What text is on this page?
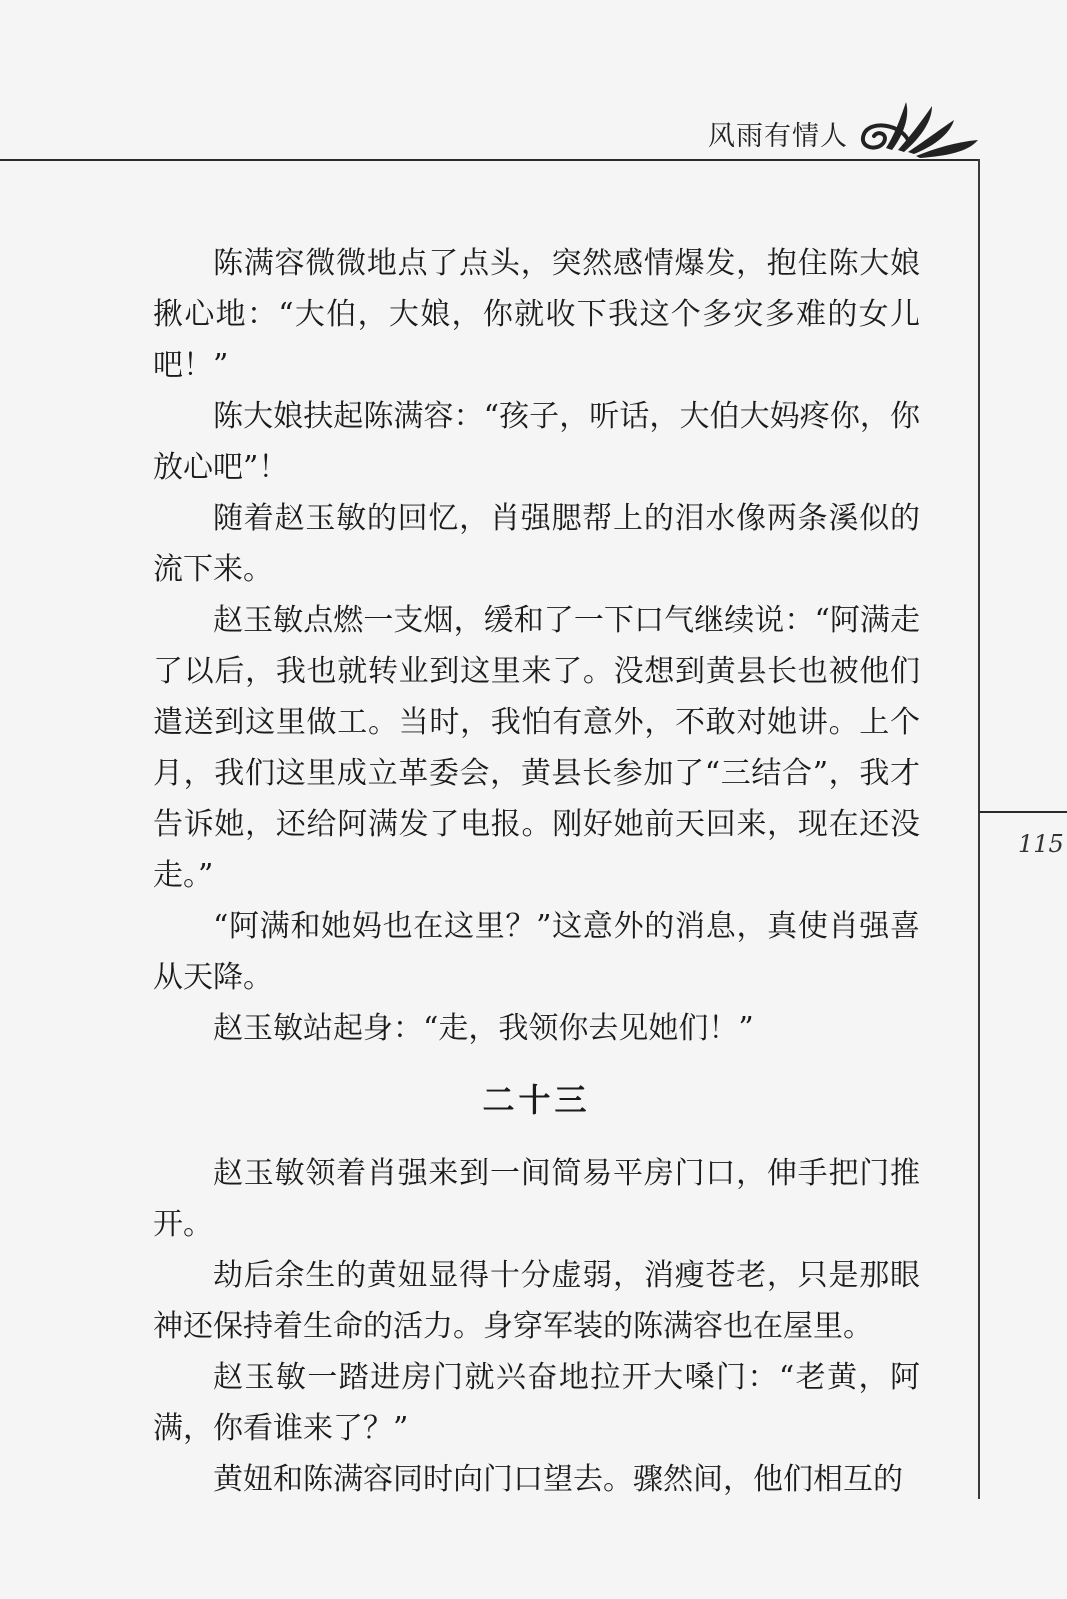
风雨有情人
115

陈满容微微地点了点头，突然感情爆发，抱住陈大娘揪心地：“大伯，大娘，你就收下我这个多灾多难的女儿吧！”

陈大娘扶起陈满容：“孩子，听话，大伯大妈疼你，你放心吧”！

随着赵玉敏的回忆，肖强腮帮上的泪水像两条溪似的流下来。

赵玉敏点燃一支烟，缓和了一下口气继续说：“阿满走了以后，我也就转业到这里来了。没想到黄县长也被他们遣送到这里做工。当时，我怕有意外，不敢对她讲。上个月，我们这里成立革委会，黄县长参加了“三结合”，我才告诉她，还给阿满发了电报。刚好她前天回来，现在还没走。”

“阿满和她妈也在这里？”这意外的消息，真使肖强喜从天降。

赵玉敏站起身：“走，我领你去见她们！”

二十三

赵玉敏领着肖强来到一间简易平房门口，伸手把门推开。

劫后余生的黄妞显得十分虚弱，消瘦苍老，只是那眼神还保持着生命的活力。身穿军装的陈满容也在屋里。

赵玉敏一踏进房门就兴奋地拉开大嗓门：“老黄，阿满，你看谁来了？”

黄妞和陈满容同时向门口望去。骤然间，他们相互的
